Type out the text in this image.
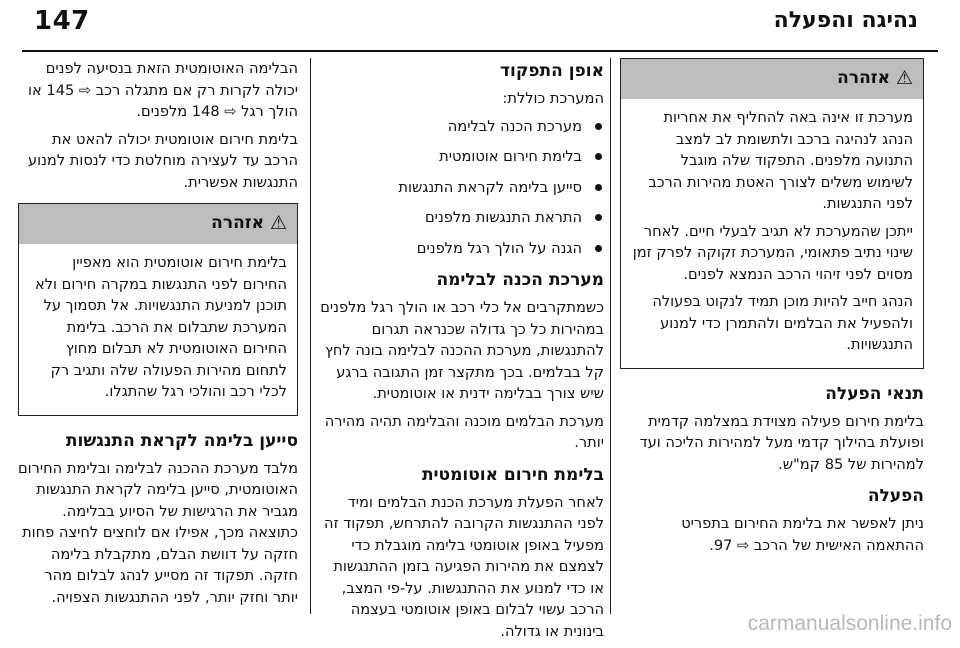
147	נהיגה והפעלה
⚠
אזהרה

מערכת זו אינה באה להחליף את אחריות הנהג לנהיגה ברכב ולתשומת לב למצב התנועה מלפנים. התפקוד שלה מוגבל לשימוש משלים לצורך האטת מהירות הרכב לפני התנגשות.

ייתכן שהמערכת לא תגיב לבעלי חיים. לאחר שינוי נתיב פתאומי, המערכת זקוקה לפרק זמן מסוים לפני זיהוי הרכב הנמצא לפנים.

הנהג חייב להיות מוכן תמיד לנקוט בפעולה ולהפעיל את הבלמים ולהתמרן כדי למנוע התנגשויות.

תנאי הפעלה

בלימת חירום פעילה מצוידת במצלמה קדמית ופועלת בהילוך קדמי מעל למהירות הליכה ועד למהירות של 85 קמ"ש.

הפעלה

ניתן לאפשר את בלימת החירום בתפריט ההתאמה האישית של הרכב ⇨ 97.

אופן התפקוד

המערכת כוללת:

מערכת הכנה לבלימה
בלימת חירום אוטומטית
סייען בלימה לקראת התנגשות
התראת התנגשות מלפנים
הגנה על הולך רגל מלפנים
מערכת הכנה לבלימה

כשמתקרבים אל כלי רכב או הולך רגל מלפנים במהירות כל כך גדולה שכנראה תגרום להתנגשות, מערכת ההכנה לבלימה בונה לחץ קל בבלמים. בכך מתקצר זמן התגובה ברגע שיש צורך בבלימה ידנית או אוטומטית.

מערכת הבלמים מוכנה והבלימה תהיה מהירה יותר.

בלימת חירום אוטומטית

לאחר הפעלת מערכת הכנת הבלמים ומיד לפני ההתנגשות הקרובה להתרחש, תפקוד זה מפעיל באופן אוטומטי בלימה מוגבלת כדי לצמצם את מהירות הפגיעה בזמן ההתנגשות או כדי למנוע את ההתנגשות. על-פי המצב, הרכב עשוי לבלום באופן אוטומטי בעצמה בינונית או גדולה.

הבלימה האוטומטית הזאת בנסיעה לפנים יכולה לקרות רק אם מתגלה רכב ⇨ 145 או הולך רגל ⇨ 148 מלפנים.

בלימת חירום אוטומטית יכולה להאט את הרכב עד לעצירה מוחלטת כדי לנסות למנוע התנגשות אפשרית.

⚠
אזהרה

בלימת חירום אוטומטית הוא מאפיין החירום לפני התנגשות במקרה חירום ולא תוכנן למניעת התנגשויות. אל תסמוך על המערכת שתבלום את הרכב. בלימת החירום האוטומטית לא תבלום מחוץ לתחום מהירות הפעולה שלה ותגיב רק לכלי רכב והולכי רגל שהתגלו.

סייען בלימה לקראת התנגשות

מלבד מערכת ההכנה לבלימה ובלימת החירום האוטומטית, סייען בלימה לקראת התנגשות מגביר את הרגישות של הסיוע בבלימה. כתוצאה מכך, אפילו אם לוחצים לחיצה פחות חזקה על דוושת הבלם, מתקבלת בלימה חזקה. תפקוד זה מסייע לנהג לבלום מהר יותר וחזק יותר, לפני ההתנגשות הצפויה.

carmanualsonline.info
